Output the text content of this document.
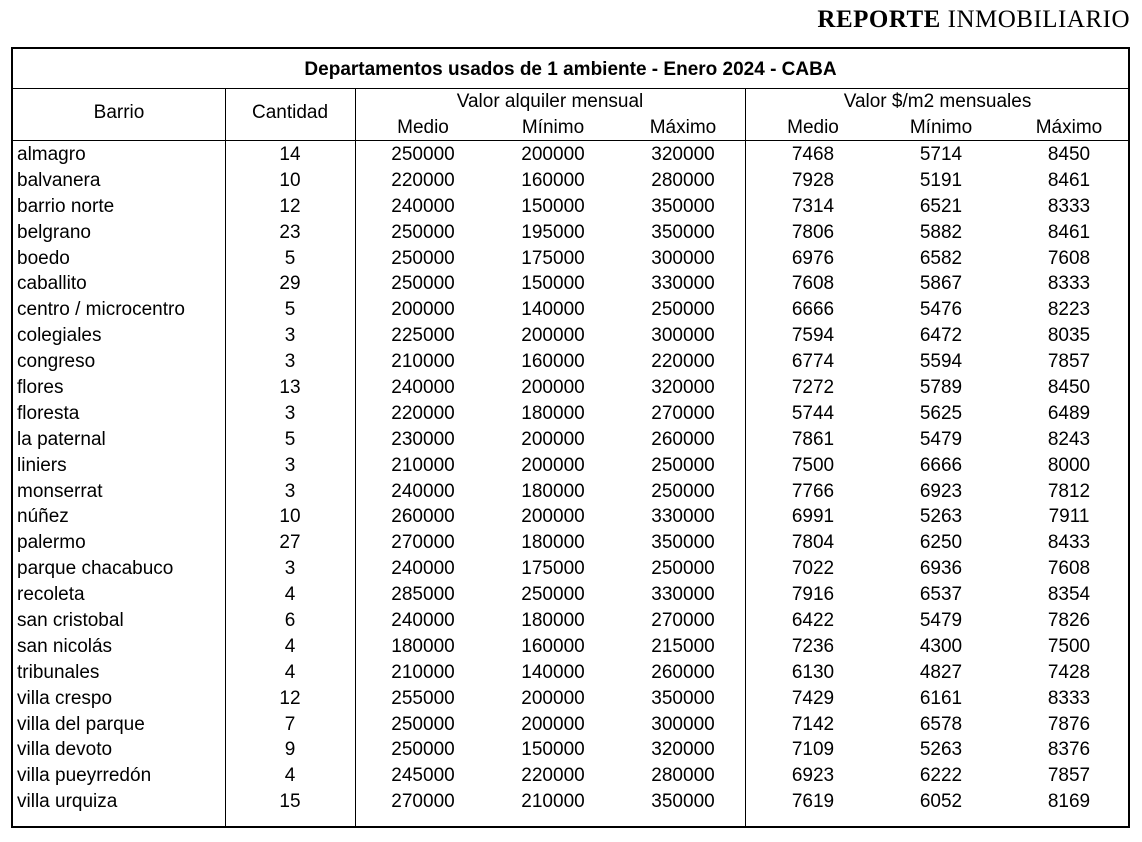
REPORTE INMOBILIARIO
Departamentos usados de 1 ambiente - Enero 2024 - CABA
Barrio	Cantidad
Valor alquiler mensual	Valor $/m2 mensuales
Medio	Mínimo	Máximo	Medio	Mínimo	Máximo
almagro	14	250000	200000	320000	7468	5714	8450
balvanera	10	220000	160000	280000	7928	5191	8461
barrio norte	12	240000	150000	350000	7314	6521	8333
belgrano	23	250000	195000	350000	7806	5882	8461
boedo	5	250000	175000	300000	6976	6582	7608
caballito	29	250000	150000	330000	7608	5867	8333
centro / microcentro	5	200000	140000	250000	6666	5476	8223
colegiales	3	225000	200000	300000	7594	6472	8035
congreso	3	210000	160000	220000	6774	5594	7857
flores	13	240000	200000	320000	7272	5789	8450
floresta	3	220000	180000	270000	5744	5625	6489
la paternal	5	230000	200000	260000	7861	5479	8243
liniers	3	210000	200000	250000	7500	6666	8000
monserrat	3	240000	180000	250000	7766	6923	7812
núñez	10	260000	200000	330000	6991	5263	7911
palermo	27	270000	180000	350000	7804	6250	8433
parque chacabuco	3	240000	175000	250000	7022	6936	7608
recoleta	4	285000	250000	330000	7916	6537	8354
san cristobal	6	240000	180000	270000	6422	5479	7826
san nicolás	4	180000	160000	215000	7236	4300	7500
tribunales	4	210000	140000	260000	6130	4827	7428
villa crespo	12	255000	200000	350000	7429	6161	8333
villa del parque	7	250000	200000	300000	7142	6578	7876
villa devoto	9	250000	150000	320000	7109	5263	8376
villa pueyrredón	4	245000	220000	280000	6923	6222	7857
villa urquiza	15	270000	210000	350000	7619	6052	8169
